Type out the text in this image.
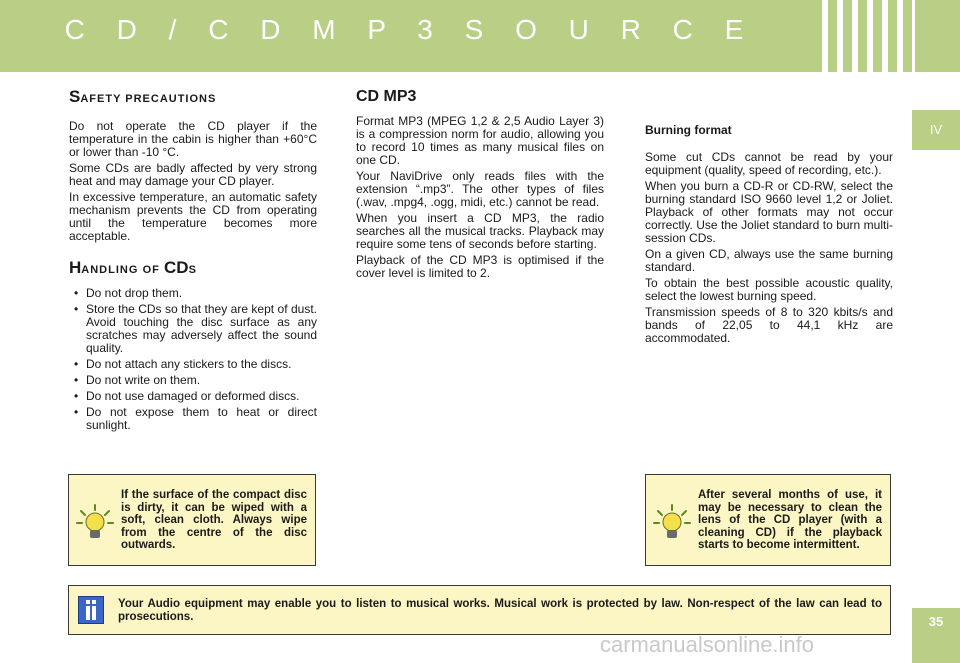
C D / C D M P 3 S O U R C E
IV
35
SAFETY PRECAUTIONS

Do not operate the CD player if the temperature in the cabin is higher than +60°C or lower than -10 °C.

Some CDs are badly affected by very strong heat and may damage your CD player.

In excessive temperature, an automatic safety mechanism prevents the CD from operating until the temperature becomes more acceptable.

HANDLING OF CDS
• Do not drop them.
• Store the CDs so that they are kept of dust. Avoid touching the disc surface as any scratches may adversely affect the sound quality.
• Do not attach any stickers to the discs.
• Do not write on them.
• Do not use damaged or deformed discs.
• Do not expose them to heat or direct sunlight.
CD MP3

Format MP3 (MPEG 1,2 & 2,5 Audio Layer 3) is a compression norm for audio, allowing you to record 10 times as many musical files on one CD.

Your NaviDrive only reads files with the extension “.mp3”. The other types of files (.wav, .mpg4, .ogg, midi, etc.) cannot be read.

When you insert a CD MP3, the radio searches all the musical tracks. Playback may require some tens of seconds before starting.

Playback of the CD MP3 is optimised if the cover level is limited to 2.

Burning format

Some cut CDs cannot be read by your equipment (quality, speed of recording, etc.).

When you burn a CD-R or CD-RW, select the burning standard ISO 9660 level 1,2 or Joliet. Playback of other formats may not occur correctly. Use the Joliet standard to burn multi-session CDs.

On a given CD, always use the same burning standard.

To obtain the best possible acoustic quality, select the lowest burning speed.

Transmission speeds of 8 to 320 kbits/s and bands of 22,05 to 44,1 kHz are accommodated.

If the surface of the compact disc is dirty, it can be wiped with a soft, clean cloth. Always wipe from the centre of the disc outwards.
After several months of use, it may be necessary to clean the lens of the CD player (with a cleaning CD) if the playback starts to become intermittent.
Your Audio equipment may enable you to listen to musical works. Musical work is protected by law. Non-respect of the law can lead to prosecutions.
carmanualsonline.info
